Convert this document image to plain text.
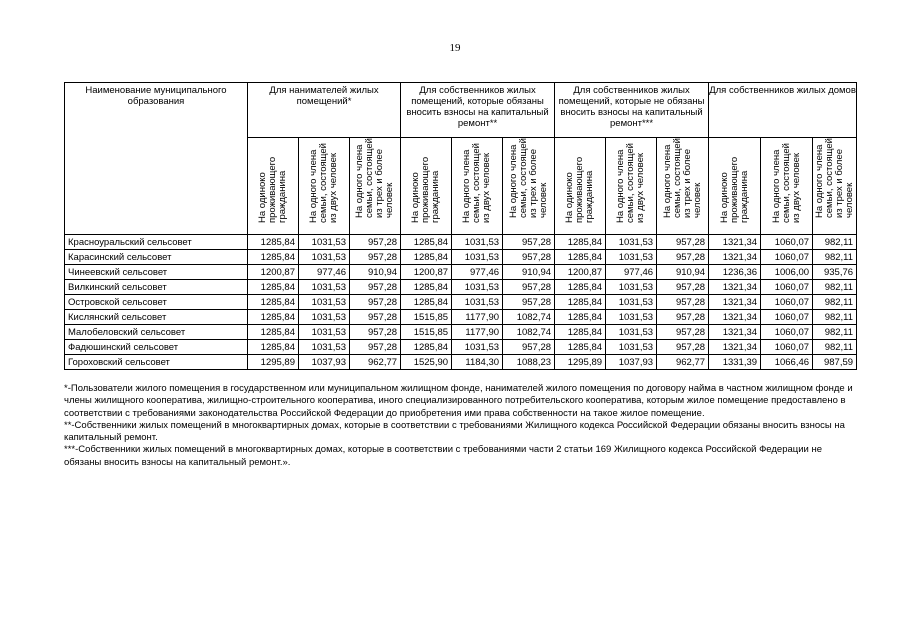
19
Наименование муниципального образования	Для нанимателей жилых помещений*			Для собственников жилых помещений, которые обязаны вносить взносы на капитальный ремонт**			Для собственников жилых помещений, которые не обязаны вносить взносы на капитальный ремонт***			Для собственников жилых домов		

	На одиноко проживающего гражданина	На одного члена семьи, состоящей из двух человек	На одного члена семьи, состоящей из трех и более человек	На одиноко проживающего гражданина	На одного члена семьи, состоящей из двух человек	На одного члена семьи, состоящей из трех и более человек	На одиноко проживающего гражданина	На одного члена семьи, состоящей из двух человек	На одного члена семьи, состоящей из трех и более человек	На одиноко проживающего гражданина	На одного члена семьи, состоящей из двух человек	На одного члена семьи, состоящей из трех и более человек

Красноуральский сельсовет	1285,84	1031,53	957,28	1285,84	1031,53	957,28	1285,84	1031,53	957,28	1321,34	1060,07	982,11
Карасинский сельсовет	1285,84	1031,53	957,28	1285,84	1031,53	957,28	1285,84	1031,53	957,28	1321,34	1060,07	982,11
Чинеевский сельсовет	1200,87	977,46	910,94	1200,87	977,46	910,94	1200,87	977,46	910,94	1236,36	1006,00	935,76
Вилкинский сельсовет	1285,84	1031,53	957,28	1285,84	1031,53	957,28	1285,84	1031,53	957,28	1321,34	1060,07	982,11
Островской сельсовет	1285,84	1031,53	957,28	1285,84	1031,53	957,28	1285,84	1031,53	957,28	1321,34	1060,07	982,11
Кислянский сельсовет	1285,84	1031,53	957,28	1515,85	1177,90	1082,74	1285,84	1031,53	957,28	1321,34	1060,07	982,11
Малобеловский сельсовет	1285,84	1031,53	957,28	1515,85	1177,90	1082,74	1285,84	1031,53	957,28	1321,34	1060,07	982,11
Фадюшинский сельсовет	1285,84	1031,53	957,28	1285,84	1031,53	957,28	1285,84	1031,53	957,28	1321,34	1060,07	982,11
Гороховский сельсовет	1295,89	1037,93	962,77	1525,90	1184,30	1088,23	1295,89	1037,93	962,77	1331,39	1066,46	987,59

*-Пользователи жилого помещения в государственном или муниципальном жилищном фонде, нанимателей жилого помещения по договору найма в частном жилищном фонде и члены жилищного кооператива, жилищно-строительного кооператива, иного специализированного потребительского кооператива, которым жилое помещение предоставлено в соответствии с требованиями законодательства Российской Федерации до приобретения ими права собственности на такое жилое помещение.

**-Собственники жилых помещений в многоквартирных домах, которые в соответствии с требованиями Жилищного кодекса Российской Федерации обязаны вносить взносы на капитальный ремонт.

***-Собственники жилых помещений в многоквартирных домах, которые в соответствии с требованиями части 2 статьи 169 Жилищного кодекса Российской Федерации не обязаны вносить взносы на капитальный ремонт.».
